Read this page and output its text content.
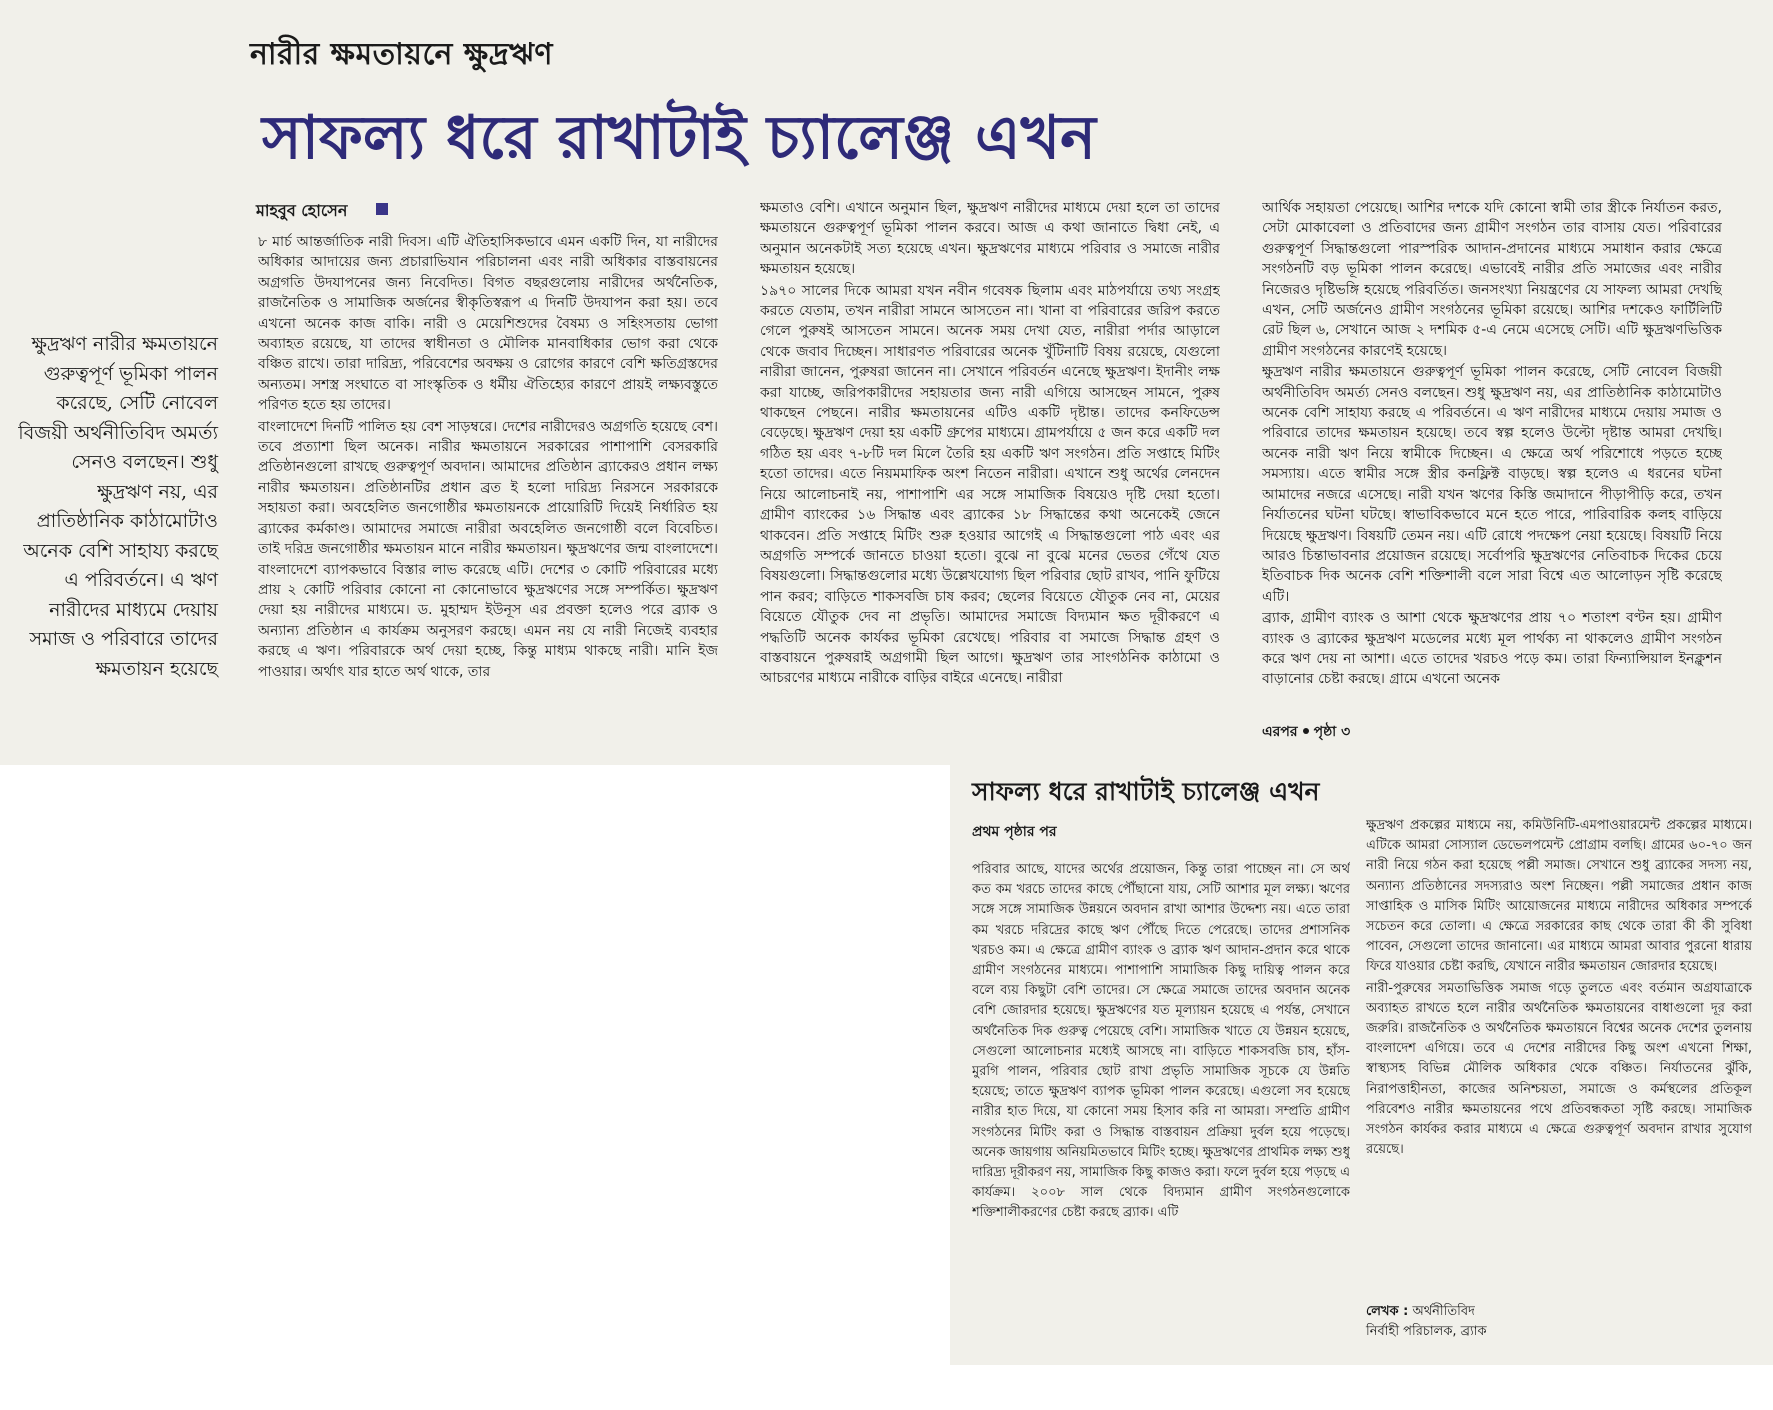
নারীর ক্ষমতায়নে ক্ষুদ্রঋণ
সাফল্য ধরে রাখাটাই চ্যালেঞ্জ এখন
মাহবুব হোসেন
ক্ষুদ্রঋণ নারীর ক্ষমতায়নে গুরুত্বপূর্ণ ভূমিকা পালন করেছে, সেটি নোবেল বিজয়ী অর্থনীতিবিদ অমর্ত্য সেনও বলছেন। শুধু ক্ষুদ্রঋণ নয়, এর প্রাতিষ্ঠানিক কাঠামোটাও অনেক বেশি সাহায্য করছে এ পরিবর্তনে। এ ঋণ নারীদের মাধ্যমে দেয়ায় সমাজ ও পরিবারে তাদের ক্ষমতায়ন হয়েছে

৮ মার্চ আন্তর্জাতিক নারী দিবস। এটি ঐতিহাসিকভাবে এমন একটি দিন, যা নারীদের অধিকার আদায়ের জন্য প্রচারাভিযান পরিচালনা এবং নারী অধিকার বাস্তবায়নের অগ্রগতি উদযাপনের জন্য নিবেদিত। বিগত বছরগুলোয় নারীদের অর্থনৈতিক, রাজনৈতিক ও সামাজিক অর্জনের স্বীকৃতিস্বরূপ এ দিনটি উদযাপন করা হয়। তবে এখনো অনেক কাজ বাকি। নারী ও মেয়েশিশুদের বৈষম্য ও সহিংসতায় ভোগা অব্যাহত রয়েছে, যা তাদের স্বাধীনতা ও মৌলিক মানবাধিকার ভোগ করা থেকে বঞ্চিত রাখে। তারা দারিদ্র্য, পরিবেশের অবক্ষয় ও রোগের কারণে বেশি ক্ষতিগ্রস্তদের অন্যতম। সশস্ত্র সংঘাতে বা সাংস্কৃতিক ও ধর্মীয় ঐতিহ্যের কারণে প্রায়ই লক্ষ্যবস্তুতে পরিণত হতে হয় তাদের।

বাংলাদেশে দিনটি পালিত হয় বেশ সাড়ম্বরে। দেশের নারীদেরও অগ্রগতি হয়েছে বেশ। তবে প্রত্যাশা ছিল অনেক। নারীর ক্ষমতায়নে সরকারের পাশাপাশি বেসরকারি প্রতিষ্ঠানগুলো রাখছে গুরুত্বপূর্ণ অবদান। আমাদের প্রতিষ্ঠান ব্র্যাকেরও প্রধান লক্ষ্য নারীর ক্ষমতায়ন। প্রতিষ্ঠানটির প্রধান ব্রত ই হলো দারিদ্র্য নিরসনে সরকারকে সহায়তা করা। অবহেলিত জনগোষ্ঠীর ক্ষমতায়নকে প্রায়োরিটি দিয়েই নির্ধারিত হয় ব্র্যাকের কর্মকাণ্ড। আমাদের সমাজে নারীরা অবহেলিত জনগোষ্ঠী বলে বিবেচিত। তাই দরিদ্র জনগোষ্ঠীর ক্ষমতায়ন মানে নারীর ক্ষমতায়ন। ক্ষুদ্রঋণের জন্ম বাংলাদেশে। বাংলাদেশে ব্যাপকভাবে বিস্তার লাভ করেছে এটি। দেশের ৩ কোটি পরিবারের মধ্যে প্রায় ২ কোটি পরিবার কোনো না কোনোভাবে ক্ষুদ্রঋণের সঙ্গে সম্পর্কিত। ক্ষুদ্রঋণ দেয়া হয় নারীদের মাধ্যমে। ড. মুহাম্মদ ইউনূস এর প্রবক্তা হলেও পরে ব্র্যাক ও অন্যান্য প্রতিষ্ঠান এ কার্যক্রম অনুসরণ করছে। এমন নয় যে নারী নিজেই ব্যবহার করছে এ ঋণ। পরিবারকে অর্থ দেয়া হচ্ছে, কিন্তু মাধ্যম থাকছে নারী। মানি ইজ পাওয়ার। অর্থাৎ যার হাতে অর্থ থাকে, তার

ক্ষমতাও বেশি। এখানে অনুমান ছিল, ক্ষুদ্রঋণ নারীদের মাধ্যমে দেয়া হলে তা তাদের ক্ষমতায়নে গুরুত্বপূর্ণ ভূমিকা পালন করবে। আজ এ কথা জানাতে দ্বিধা নেই, এ অনুমান অনেকটাই সত্য হয়েছে এখন। ক্ষুদ্রঋণের মাধ্যমে পরিবার ও সমাজে নারীর ক্ষমতায়ন হয়েছে।

১৯৭০ সালের দিকে আমরা যখন নবীন গবেষক ছিলাম এবং মাঠপর্যায়ে তথ্য সংগ্রহ করতে যেতাম, তখন নারীরা সামনে আসতেন না। খানা বা পরিবারের জরিপ করতে গেলে পুরুষই আসতেন সামনে। অনেক সময় দেখা যেত, নারীরা পর্দার আড়ালে থেকে জবাব দিচ্ছেন। সাধারণত পরিবারের অনেক খুঁটিনাটি বিষয় রয়েছে, যেগুলো নারীরা জানেন, পুরুষরা জানেন না। সেখানে পরিবর্তন এনেছে ক্ষুদ্রঋণ। ইদানীং লক্ষ করা যাচ্ছে, জরিপকারীদের সহায়তার জন্য নারী এগিয়ে আসছেন সামনে, পুরুষ থাকছেন পেছনে। নারীর ক্ষমতায়নের এটিও একটি দৃষ্টান্ত। তাদের কনফিডেন্স বেড়েছে। ক্ষুদ্রঋণ দেয়া হয় একটি গ্রুপের মাধ্যমে। গ্রামপর্যায়ে ৫ জন করে একটি দল গঠিত হয় এবং ৭-৮টি দল মিলে তৈরি হয় একটি ঋণ সংগঠন। প্রতি সপ্তাহে মিটিং হতো তাদের। এতে নিয়মমাফিক অংশ নিতেন নারীরা। এখানে শুধু অর্থের লেনদেন নিয়ে আলোচনাই নয়, পাশাপাশি এর সঙ্গে সামাজিক বিষয়েও দৃষ্টি দেয়া হতো। গ্রামীণ ব্যাংকের ১৬ সিদ্ধান্ত এবং ব্র্যাকের ১৮ সিদ্ধান্তের কথা অনেকেই জেনে থাকবেন। প্রতি সপ্তাহে মিটিং শুরু হওয়ার আগেই এ সিদ্ধান্তগুলো পাঠ এবং এর অগ্রগতি সম্পর্কে জানতে চাওয়া হতো। বুঝে না বুঝে মনের ভেতর গেঁথে যেত বিষয়গুলো। সিদ্ধান্তগুলোর মধ্যে উল্লেখযোগ্য ছিল পরিবার ছোট রাখব, পানি ফুটিয়ে পান করব; বাড়িতে শাকসবজি চাষ করব; ছেলের বিয়েতে যৌতুক নেব না, মেয়ের বিয়েতে যৌতুক দেব না প্রভৃতি। আমাদের সমাজে বিদ্যমান ক্ষত দূরীকরণে এ পদ্ধতিটি অনেক কার্যকর ভূমিকা রেখেছে। পরিবার বা সমাজে সিদ্ধান্ত গ্রহণ ও বাস্তবায়নে পুরুষরাই অগ্রগামী ছিল আগে। ক্ষুদ্রঋণ তার সাংগঠনিক কাঠামো ও আচরণের মাধ্যমে নারীকে বাড়ির বাইরে এনেছে। নারীরা

আর্থিক সহায়তা পেয়েছে। আশির দশকে যদি কোনো স্বামী তার স্ত্রীকে নির্যাতন করত, সেটা মোকাবেলা ও প্রতিবাদের জন্য গ্রামীণ সংগঠন তার বাসায় যেত। পরিবারের গুরুত্বপূর্ণ সিদ্ধান্তগুলো পারস্পরিক আদান-প্রদানের মাধ্যমে সমাধান করার ক্ষেত্রে সংগঠনটি বড় ভূমিকা পালন করেছে। এভাবেই নারীর প্রতি সমাজের এবং নারীর নিজেরও দৃষ্টিভঙ্গি হয়েছে পরিবর্তিত। জনসংখ্যা নিয়ন্ত্রণের যে সাফল্য আমরা দেখছি এখন, সেটি অর্জনেও গ্রামীণ সংগঠনের ভূমিকা রয়েছে। আশির দশকেও ফার্টিলিটি রেট ছিল ৬, সেখানে আজ ২ দশমিক ৫-এ নেমে এসেছে সেটি। এটি ক্ষুদ্রঋণভিত্তিক গ্রামীণ সংগঠনের কারণেই হয়েছে।

ক্ষুদ্রঋণ নারীর ক্ষমতায়নে গুরুত্বপূর্ণ ভূমিকা পালন করেছে, সেটি নোবেল বিজয়ী অর্থনীতিবিদ অমর্ত্য সেনও বলছেন। শুধু ক্ষুদ্রঋণ নয়, এর প্রাতিষ্ঠানিক কাঠামোটাও অনেক বেশি সাহায্য করছে এ পরিবর্তনে। এ ঋণ নারীদের মাধ্যমে দেয়ায় সমাজ ও পরিবারে তাদের ক্ষমতায়ন হয়েছে। তবে স্বল্প হলেও উল্টো দৃষ্টান্ত আমরা দেখছি। অনেক নারী ঋণ নিয়ে স্বামীকে দিচ্ছেন। এ ক্ষেত্রে অর্থ পরিশোধে পড়তে হচ্ছে সমস্যায়। এতে স্বামীর সঙ্গে স্ত্রীর কনফ্লিক্ট বাড়ছে। স্বল্প হলেও এ ধরনের ঘটনা আমাদের নজরে এসেছে। নারী যখন ঋণের কিস্তি জমাদানে পীড়াপীড়ি করে, তখন নির্যাতনের ঘটনা ঘটছে। স্বাভাবিকভাবে মনে হতে পারে, পারিবারিক কলহ বাড়িয়ে দিয়েছে ক্ষুদ্রঋণ। বিষয়টি তেমন নয়। এটি রোধে পদক্ষেপ নেয়া হয়েছে। বিষয়টি নিয়ে আরও চিন্তাভাবনার প্রয়োজন রয়েছে। সর্বোপরি ক্ষুদ্রঋণের নেতিবাচক দিকের চেয়ে ইতিবাচক দিক অনেক বেশি শক্তিশালী বলে সারা বিশ্বে এত আলোড়ন সৃষ্টি করেছে এটি।

ব্র্যাক, গ্রামীণ ব্যাংক ও আশা থেকে ক্ষুদ্রঋণের প্রায় ৭০ শতাংশ বণ্টন হয়। গ্রামীণ ব্যাংক ও ব্র্যাকের ক্ষুদ্রঋণ মডেলের মধ্যে মূল পার্থক্য না থাকলেও গ্রামীণ সংগঠন করে ঋণ দেয় না আশা। এতে তাদের খরচও পড়ে কম। তারা ফিন্যান্সিয়াল ইনক্লুশন বাড়ানোর চেষ্টা করছে। গ্রামে এখনো অনেক

এরপর পৃষ্ঠা ৩
সাফল্য ধরে রাখাটাই চ্যালেঞ্জ এখন
প্রথম পৃষ্ঠার পর

পরিবার আছে, যাদের অর্থের প্রয়োজন, কিন্তু তারা পাচ্ছেন না। সে অর্থ কত কম খরচে তাদের কাছে পৌঁছানো যায়, সেটি আশার মূল লক্ষ্য। ঋণের সঙ্গে সঙ্গে সামাজিক উন্নয়নে অবদান রাখা আশার উদ্দেশ্য নয়। এতে তারা কম খরচে দরিদ্রের কাছে ঋণ পৌঁছে দিতে পেরেছে। তাদের প্রশাসনিক খরচও কম। এ ক্ষেত্রে গ্রামীণ ব্যাংক ও ব্র্যাক ঋণ আদান-প্রদান করে থাকে গ্রামীণ সংগঠনের মাধ্যমে। পাশাপাশি সামাজিক কিছু দায়িত্ব পালন করে বলে ব্যয় কিছুটা বেশি তাদের। সে ক্ষেত্রে সমাজে তাদের অবদান অনেক বেশি জোরদার হয়েছে। ক্ষুদ্রঋণের যত মূল্যায়ন হয়েছে এ পর্যন্ত, সেখানে অর্থনৈতিক দিক গুরুত্ব পেয়েছে বেশি। সামাজিক খাতে যে উন্নয়ন হয়েছে, সেগুলো আলোচনার মধ্যেই আসছে না। বাড়িতে শাকসবজি চাষ, হাঁস-মুরগি পালন, পরিবার ছোট রাখা প্রভৃতি সামাজিক সূচকে যে উন্নতি হয়েছে; তাতে ক্ষুদ্রঋণ ব্যাপক ভূমিকা পালন করেছে। এগুলো সব হয়েছে নারীর হাত দিয়ে, যা কোনো সময় হিসাব করি না আমরা। সম্প্রতি গ্রামীণ সংগঠনের মিটিং করা ও সিদ্ধান্ত বাস্তবায়ন প্রক্রিয়া দুর্বল হয়ে পড়েছে। অনেক জায়গায় অনিয়মিতভাবে মিটিং হচ্ছে। ক্ষুদ্রঋণের প্রাথমিক লক্ষ্য শুধু দারিদ্র্য দূরীকরণ নয়, সামাজিক কিছু কাজও করা। ফলে দুর্বল হয়ে পড়ছে এ কার্যক্রম। ২০০৮ সাল থেকে বিদ্যমান গ্রামীণ সংগঠনগুলোকে শক্তিশালীকরণের চেষ্টা করছে ব্র্যাক। এটি

ক্ষুদ্রঋণ প্রকল্পের মাধ্যমে নয়, কমিউনিটি-এমপাওয়ারমেন্ট প্রকল্পের মাধ্যমে। এটিকে আমরা সোস্যাল ডেভেলপমেন্ট প্রোগ্রাম বলছি। গ্রামের ৬০-৭০ জন নারী নিয়ে গঠন করা হয়েছে পল্লী সমাজ। সেখানে শুধু ব্র্যাকের সদস্য নয়, অন্যান্য প্রতিষ্ঠানের সদস্যরাও অংশ নিচ্ছেন। পল্লী সমাজের প্রধান কাজ সাপ্তাহিক ও মাসিক মিটিং আয়োজনের মাধ্যমে নারীদের অধিকার সম্পর্কে সচেতন করে তোলা। এ ক্ষেত্রে সরকারের কাছ থেকে তারা কী কী সুবিধা পাবেন, সেগুলো তাদের জানানো। এর মাধ্যমে আমরা আবার পুরনো ধারায় ফিরে যাওয়ার চেষ্টা করছি, যেখানে নারীর ক্ষমতায়ন জোরদার হয়েছে।

নারী-পুরুষের সমতাভিত্তিক সমাজ গড়ে তুলতে এবং বর্তমান অগ্রযাত্রাকে অব্যাহত রাখতে হলে নারীর অর্থনৈতিক ক্ষমতায়নের বাধাগুলো দূর করা জরুরি। রাজনৈতিক ও অর্থনৈতিক ক্ষমতায়নে বিশ্বের অনেক দেশের তুলনায় বাংলাদেশ এগিয়ে। তবে এ দেশের নারীদের কিছু অংশ এখনো শিক্ষা, স্বাস্থ্যসহ বিভিন্ন মৌলিক অধিকার থেকে বঞ্চিত। নির্যাতনের ঝুঁকি, নিরাপত্তাহীনতা, কাজের অনিশ্চয়তা, সমাজে ও কর্মস্থলের প্রতিকূল পরিবেশও নারীর ক্ষমতায়নের পথে প্রতিবন্ধকতা সৃষ্টি করছে। সামাজিক সংগঠন কার্যকর করার মাধ্যমে এ ক্ষেত্রে গুরুত্বপূর্ণ অবদান রাখার সুযোগ রয়েছে।

লেখক : অর্থনীতিবিদ
নির্বাহী পরিচালক, ব্র্যাক
